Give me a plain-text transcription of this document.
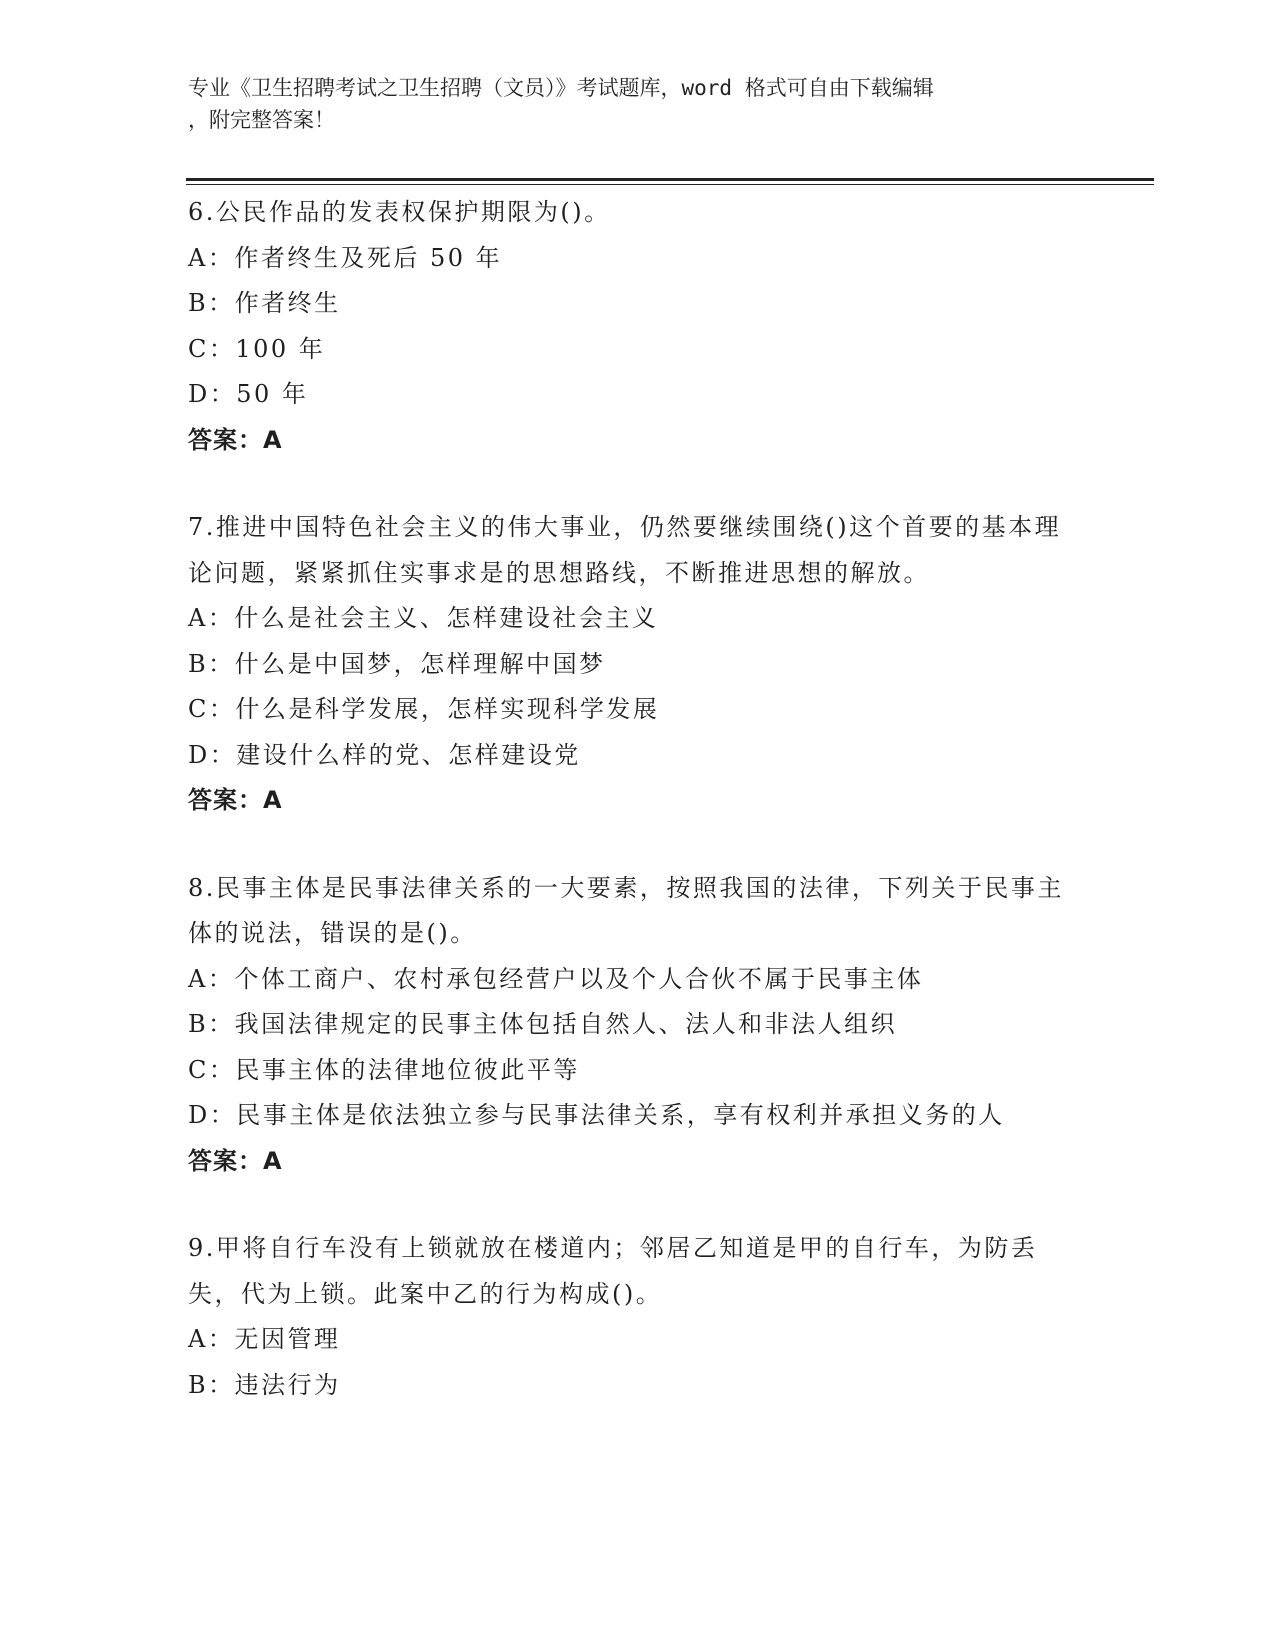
专业《卫生招聘考试之卫生招聘（文员）》考试题库，word 格式可自由下载编辑
，附完整答案！
6.公民作品的发表权保护期限为()。
A：作者终生及死后 50 年
B：作者终生
C：100 年
D：50 年
答案：A
7.推进中国特色社会主义的伟大事业，仍然要继续围绕()这个首要的基本理论问题，紧紧抓住实事求是的思想路线，不断推进思想的解放。
A：什么是社会主义、怎样建设社会主义
B：什么是中国梦，怎样理解中国梦
C：什么是科学发展，怎样实现科学发展
D：建设什么样的党、怎样建设党
答案：A
8.民事主体是民事法律关系的一大要素，按照我国的法律，下列关于民事主体的说法，错误的是()。
A：个体工商户、农村承包经营户以及个人合伙不属于民事主体
B：我国法律规定的民事主体包括自然人、法人和非法人组织
C：民事主体的法律地位彼此平等
D：民事主体是依法独立参与民事法律关系，享有权利并承担义务的人
答案：A
9.甲将自行车没有上锁就放在楼道内；邻居乙知道是甲的自行车，为防丢失，代为上锁。此案中乙的行为构成()。
A：无因管理
B：违法行为
